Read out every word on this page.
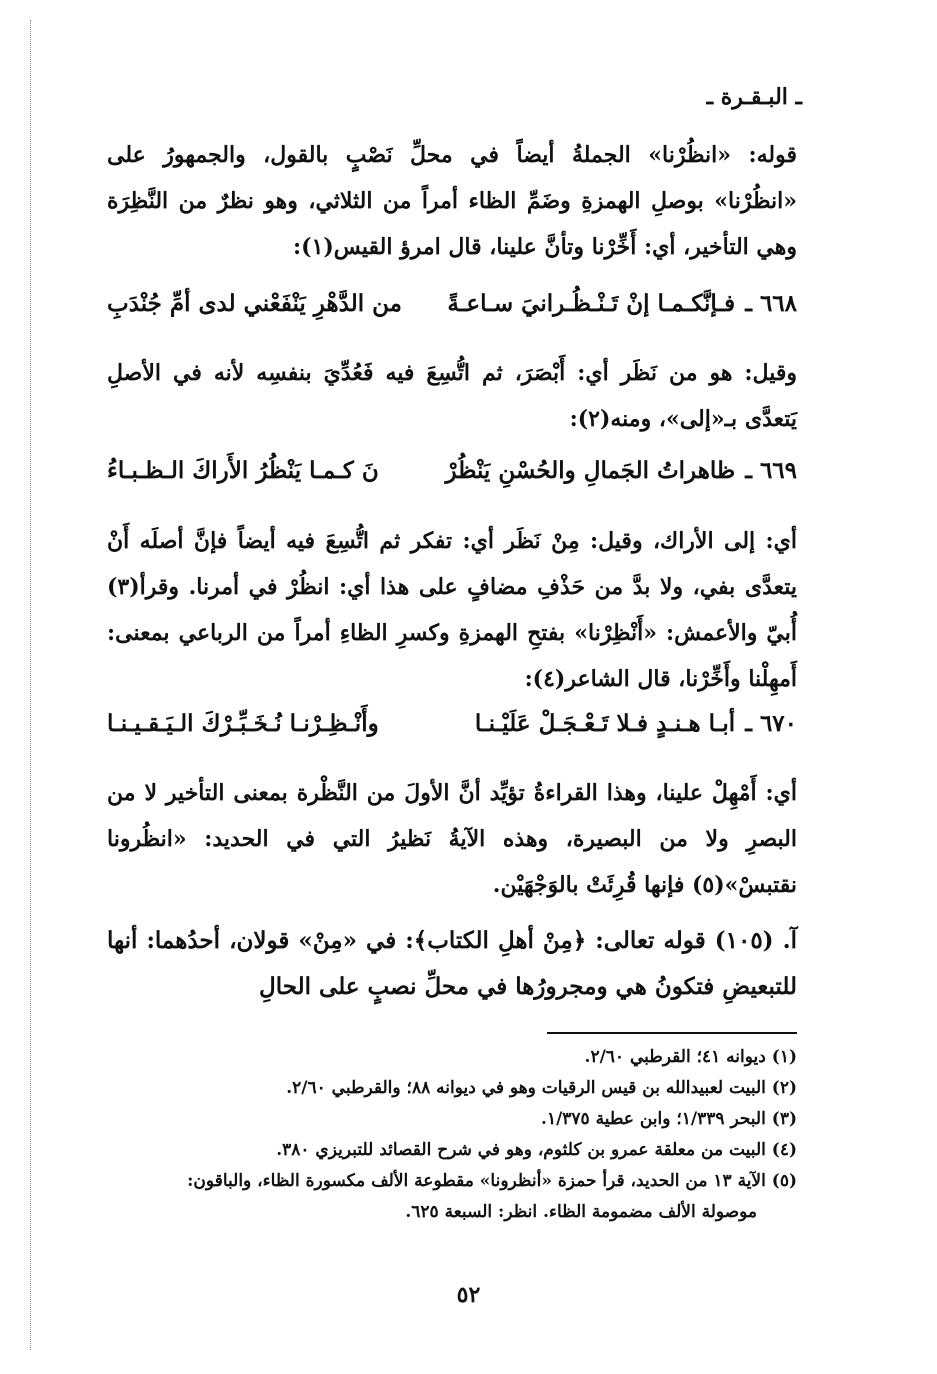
ـ البـقـرة ـ
قوله: «انظُرْنا» الجملةُ أيضاً في محلِّ نَصْبٍ بالقول، والجمهورُ على «انظُرْنا» بوصلِ الهمزةِ وضَمِّ الظاء أمراً من الثلاثي، وهو نظرٌ من النَّظِرَة وهي التأخير، أي: أَخِّرْنا وتأنَّ علينا، قال امرؤ القيس(١):
٦٦٨ ـ
فـإنَّكـمـا إنْ تَـنْـظُـرانيَ سـاعـةً
من الدَّهْرِ يَنْفَعْني لدى أمِّ جُنْدَبِ
وقيل: هو من نَظَر أي: أَبْصَرَ، ثم اتُّسِعَ فيه فَعُدِّيَ بنفسِه لأنه في الأصلِ يَتعدَّى بـ«إلى»، ومنه(٢):
٦٦٩ ـ
ظاهراتُ الجَمالِ والحُسْنِ يَنْظُرْ
نَ كـمـا يَنْظُرُ الأَراكَ الـظـبـاءُ
أي: إلى الأراك، وقيل: مِنْ نَظَر أي: تفكر ثم اتُّسِعَ فيه أيضاً فإنَّ أصلَه أَنْ يتعدَّى بفي، ولا بدَّ من حَذْفِ مضافٍ على هذا أي: انظُرْ في أمرنا. وقرأ(٣) أُبيّ والأعمش: «أَنْظِرْنا» بفتحِ الهمزةِ وكسرِ الظاءِ أمراً من الرباعي بمعنى: أَمهِلْنا وأَخِّرْنا، قال الشاعر(٤):
٦٧٠ ـ
أبـا هـنـدٍ فـلا تَـعْـجَـلْ عَلَيْـنـا
وأَنْـظِـرْنـا نُـخَـبِّـرْكَ الـيَـقـيـنـا
أي: أَمْهِلْ علينا، وهذا القراءةُ تؤيِّد أنَّ الأولَ من النَّظْرة بمعنى التأخير لا من البصرِ ولا من البصيرة، وهذه الآيةُ نَظيرُ التي في الحديد: «انظُرونا نقتبسْ»(٥) فإنها قُرِئَتْ بالوَجْهَيْن.
آ. (١٠٥) قوله تعالى: ﴿مِنْ أهلِ الكتاب﴾: في «مِنْ» قولان، أحدُهما: أنها للتبعيضِ فتكونُ هي ومجرورُها في محلِّ نصبٍ على الحالِ
(١) ديوانه ٤١؛ القرطبي ٢/٦٠.
(٢) البيت لعبيدالله بن قيس الرقيات وهو في ديوانه ٨٨؛ والقرطبي ٢/٦٠.
(٣) البحر ١/٣٣٩؛ وابن عطية ١/٣٧٥.
(٤) البيت من معلقة عمرو بن كلثوم، وهو في شرح القصائد للتبريزي ٣٨٠.
(٥) الآية ١٣ من الحديد، قرأ حمزة «أنظرونا» مقطوعة الألف مكسورة الظاء، والباقون:
موصولة الألف مضمومة الظاء. انظر: السبعة ٦٢٥.
٥٢
